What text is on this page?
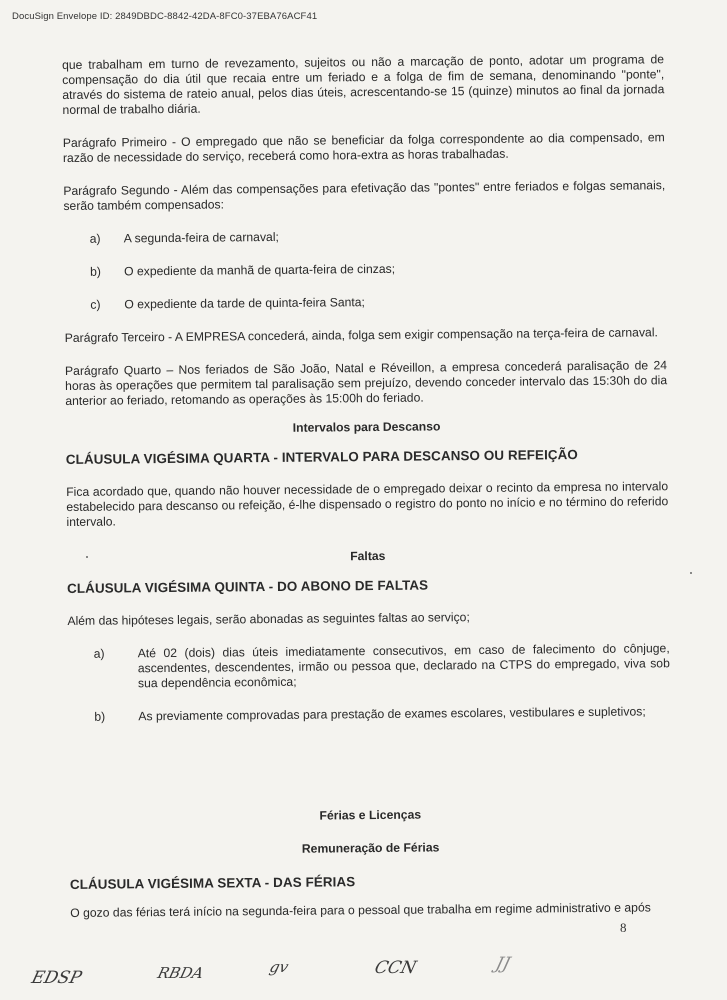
DocuSign Envelope ID: 2849DBDC-8842-42DA-8FC0-37EBA76ACF41

que trabalham em turno de revezamento, sujeitos ou não a marcação de ponto, adotar um programa de compensação do dia útil que recaia entre um feriado e a folga de fim de semana, denominando "ponte", através do sistema de rateio anual, pelos dias úteis, acrescentando-se 15 (quinze) minutos ao final da jornada normal de trabalho diária.

Parágrafo Primeiro - O empregado que não se beneficiar da folga correspondente ao dia compensado, em razão de necessidade do serviço, receberá como hora-extra as horas trabalhadas.

Parágrafo Segundo - Além das compensações para efetivação das "pontes" entre feriados e folgas semanais, serão também compensados:

a)	A segunda-feira de carnaval;
b)	O expediente da manhã de quarta-feira de cinzas;
c)	O expediente da tarde de quinta-feira Santa;

Parágrafo Terceiro - A EMPRESA concederá, ainda, folga sem exigir compensação na terça-feira de carnaval.

Parágrafo Quarto – Nos feriados de São João, Natal e Réveillon, a empresa concederá paralisação de 24 horas às operações que permitem tal paralisação sem prejuízo, devendo conceder intervalo das 15:30h do dia anterior ao feriado, retomando as operações às 15:00h do feriado.

Intervalos para Descanso
CLÁUSULA VIGÉSIMA QUARTA - INTERVALO PARA DESCANSO OU REFEIÇÃO

Fica acordado que, quando não houver necessidade de o empregado deixar o recinto da empresa no intervalo estabelecido para descanso ou refeição, é-lhe dispensado o registro do ponto no início e no término do referido intervalo.

Faltas
CLÁUSULA VIGÉSIMA QUINTA - DO ABONO DE FALTAS

Além das hipóteses legais, serão abonadas as seguintes faltas ao serviço;

a)	Até 02 (dois) dias úteis imediatamente consecutivos, em caso de falecimento do cônjuge, ascendentes, descendentes, irmão ou pessoa que, declarado na CTPS do empregado, viva sob sua dependência econômica;
b)	As previamente comprovadas para prestação de exames escolares, vestibulares e supletivos;
Férias e Licenças
Remuneração de Férias
CLÁUSULA VIGÉSIMA SEXTA - DAS FÉRIAS

O gozo das férias terá início na segunda-feira para o pessoal que trabalha em regime administrativo e após

8
EDSP	RBDA	gv	CCN	JJ
